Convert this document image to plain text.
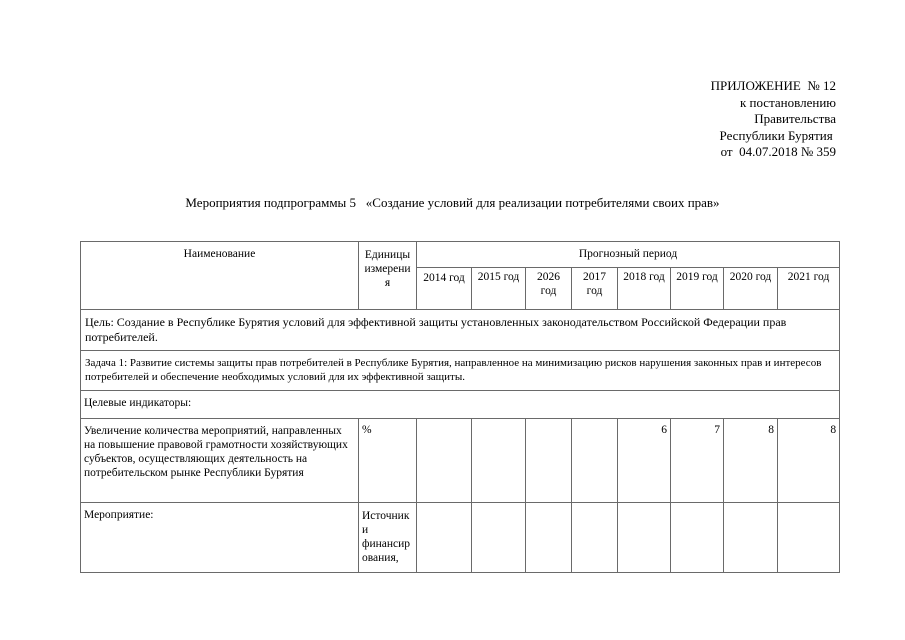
ПРИЛОЖЕНИЕ  № 12
к постановлению
Правительства
Республики Бурятия
от  04.07.2018 № 359
Мероприятия подпрограммы 5   «Создание условий для реализации потребителями своих прав»
Наименование	Единицы измерени я	Прогнозный период							
		2014 год	2015 год	2026 год	2017 год	2018 год	2019 год	2020 год	2021 год
Цель: Создание в Республике Бурятия условий для эффективной защиты установленных законодательством Российской Федерации прав потребителей.									
Задача 1: Развитие системы защиты прав потребителей в Республике Бурятия, направленное на минимизацию рисков нарушения законных прав и интересов потребителей и обеспечение необходимых условий для их эффективной защиты.									
Целевые индикаторы:									
Увеличение количества мероприятий, направленных на повышение правовой грамотности хозяйствующих субъектов, осуществляющих деятельность на потребительском рынке Республики Бурятия	%					6	7	8	8
Мероприятие:	Источник и финансир ования,								
